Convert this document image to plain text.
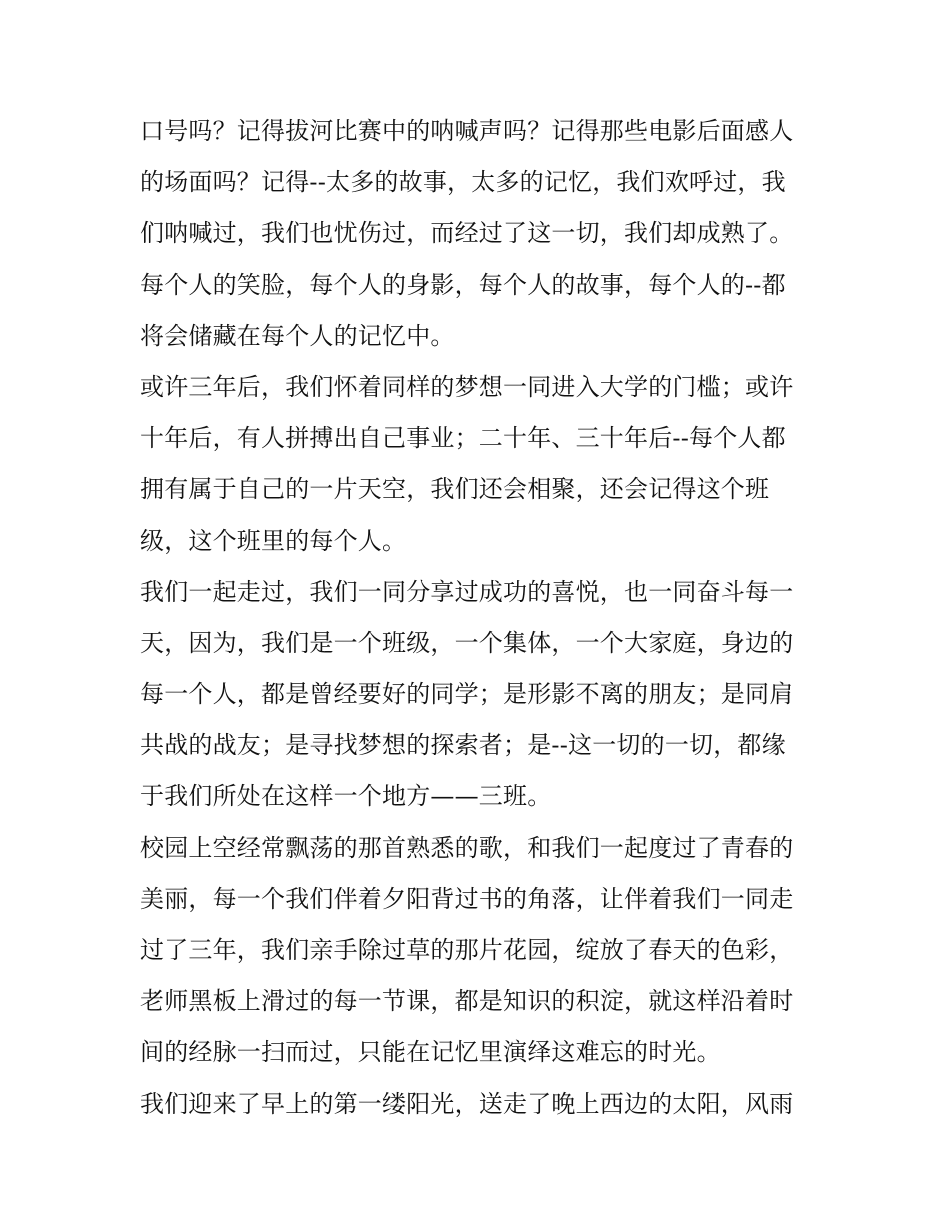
口号吗？记得拔河比赛中的呐喊声吗？记得那些电影后面感人
的场面吗？记得--太多的故事，太多的记忆，我们欢呼过，我
们呐喊过，我们也忧伤过，而经过了这一切，我们却成熟了。
每个人的笑脸，每个人的身影，每个人的故事，每个人的--都
将会储藏在每个人的记忆中。
或许三年后，我们怀着同样的梦想一同进入大学的门槛；或许
十年后，有人拼搏出自己事业；二十年、三十年后--每个人都
拥有属于自己的一片天空，我们还会相聚，还会记得这个班
级，这个班里的每个人。
我们一起走过，我们一同分享过成功的喜悦，也一同奋斗每一
天，因为，我们是一个班级，一个集体，一个大家庭，身边的
每一个人，都是曾经要好的同学；是形影不离的朋友；是同肩
共战的战友；是寻找梦想的探索者；是--这一切的一切，都缘
于我们所处在这样一个地方——三班。
校园上空经常飘荡的那首熟悉的歌，和我们一起度过了青春的
美丽，每一个我们伴着夕阳背过书的角落，让伴着我们一同走
过了三年，我们亲手除过草的那片花园，绽放了春天的色彩，
老师黑板上滑过的每一节课，都是知识的积淀，就这样沿着时
间的经脉一扫而过，只能在记忆里演绎这难忘的时光。
我们迎来了早上的第一缕阳光，送走了晚上西边的太阳，风雨
